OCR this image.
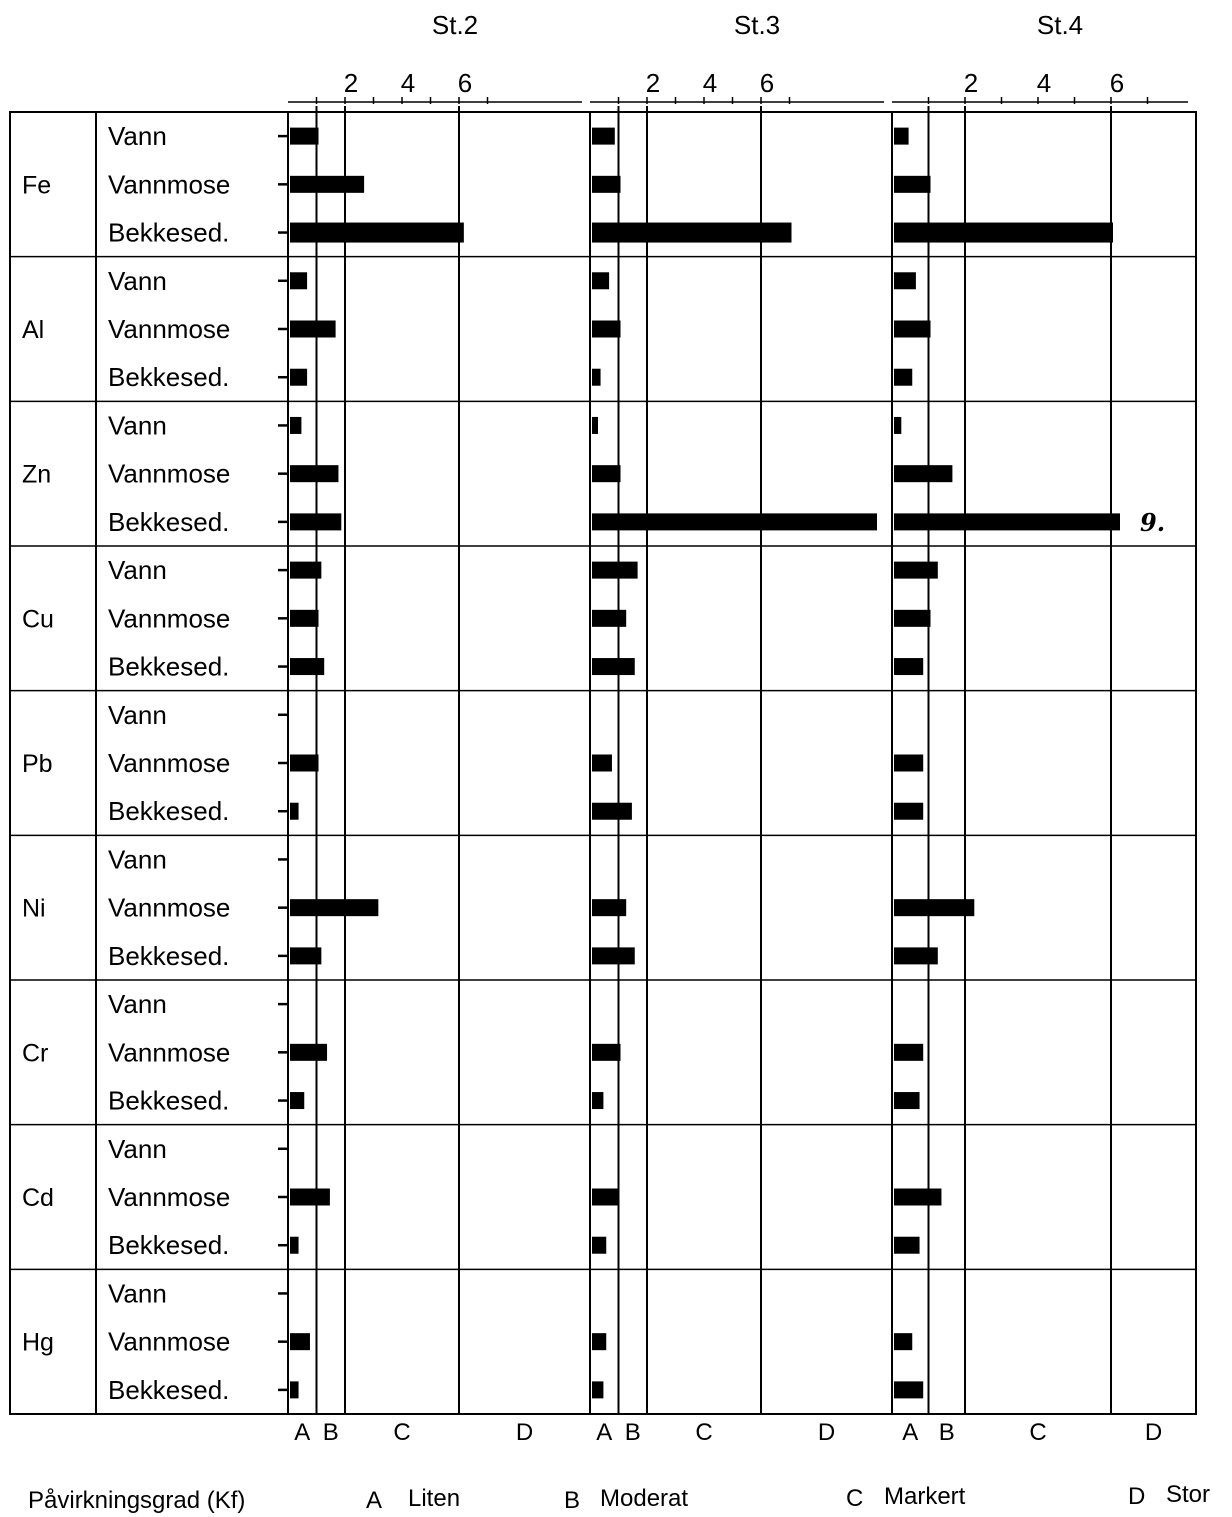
St.2
2 4 6
A B C	D
St.3
2 4 6
A B C	D
St.4
2 4 6
A B	C	D
Fe
Vann
Vannmose
Bekkesed.
Al
Vann
Vannmose
Bekkesed.
Zn
Vann
Vannmose
Bekkesed.	9.
Cu
Vann
Vannmose
Bekkesed.
Pb
Vann
Vannmose
Bekkesed.
Ni
Vann
Vannmose
Bekkesed.
Cr
Vann
Vannmose
Bekkesed.
Cd
Vann
Vannmose
Bekkesed.
Hg
Vann
Vannmose
Bekkesed.
Påvirkningsgrad (Kf)	A Liten	B Moderat	C Markert	D Stor
